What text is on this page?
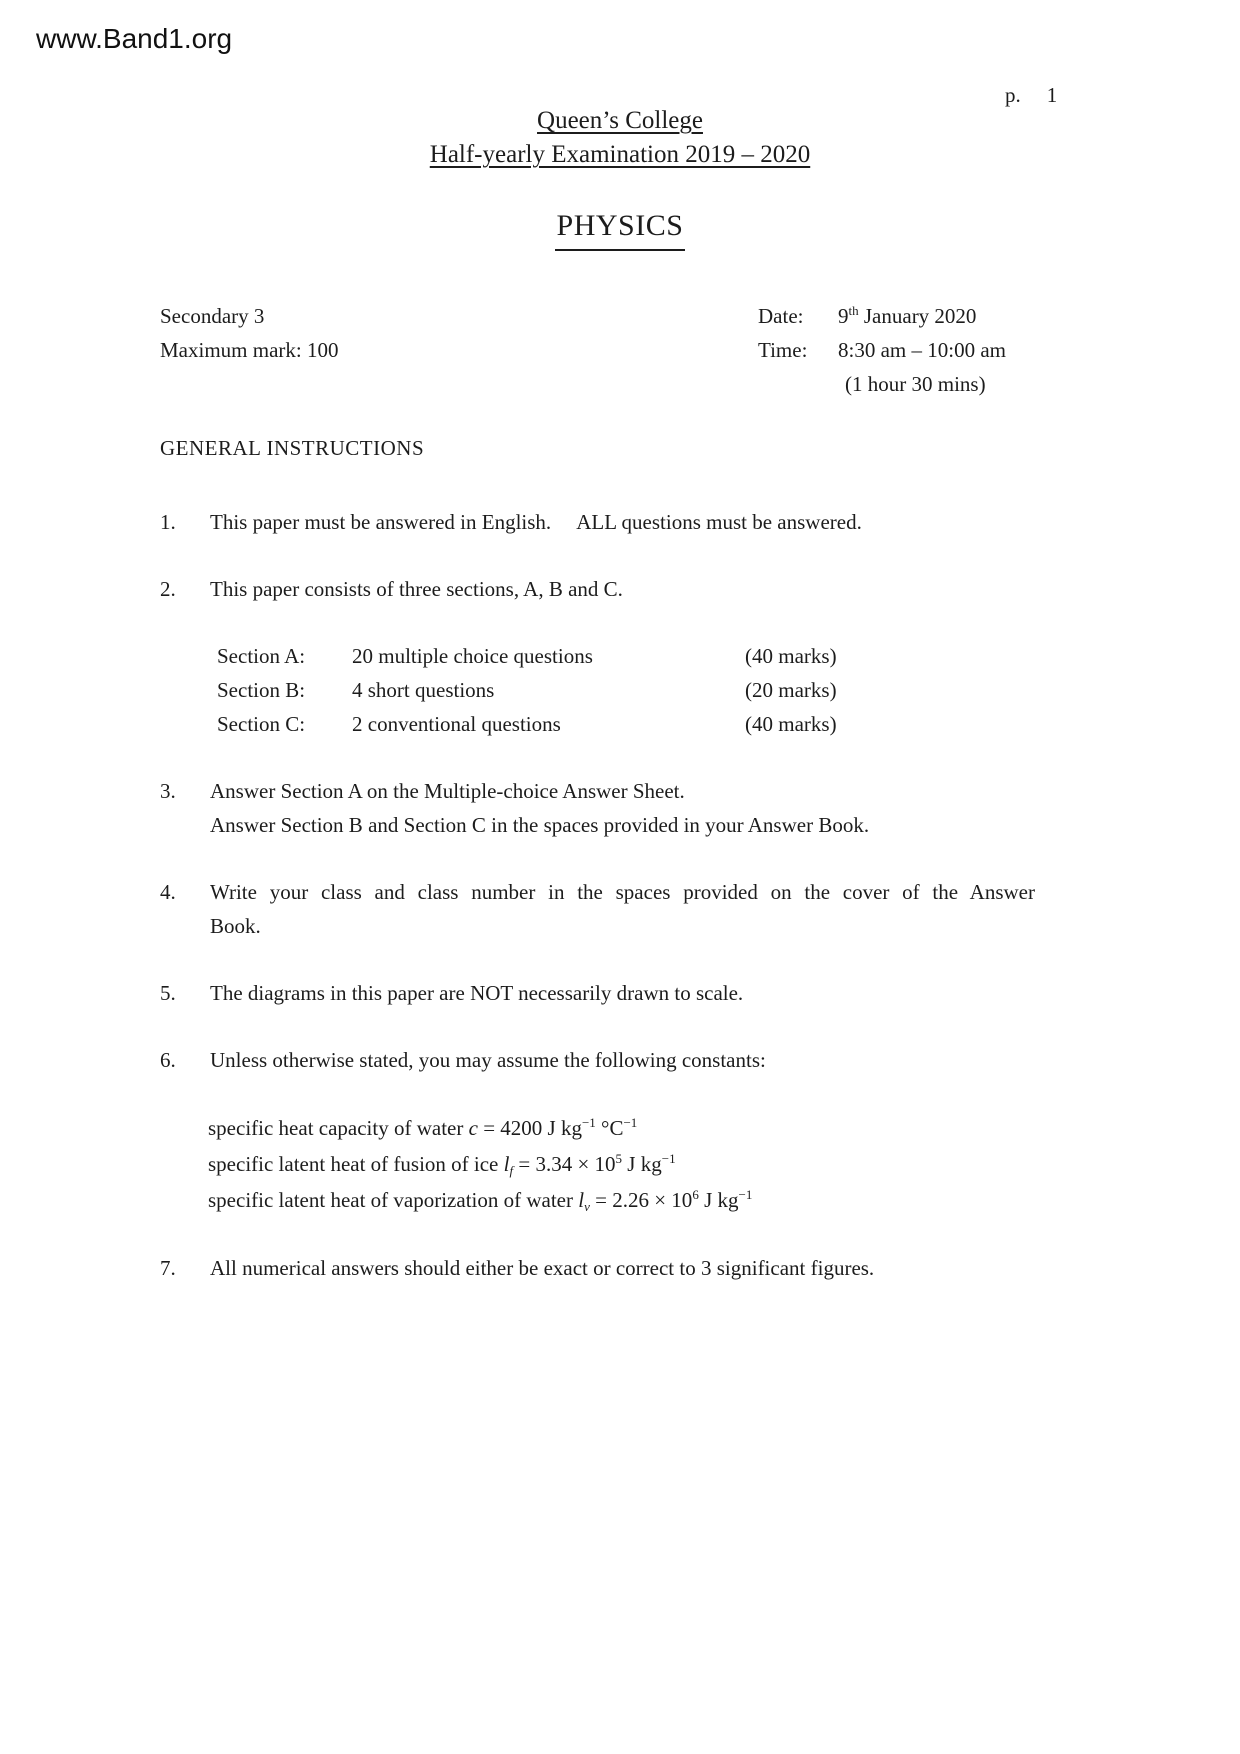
www.Band1.org
p. 1
Queen’s College
Half-yearly Examination 2019 – 2020
PHYSICS
Secondary 3	Date: 9th January 2020
Maximum mark: 100	Time: 8:30 am – 10:00 am
(1 hour 30 mins)
GENERAL INSTRUCTIONS
1. This paper must be answered in English.     ALL questions must be answered.
2. This paper consists of three sections, A, B and C.
Section A: 20 multiple choice questions	(40 marks)
Section B: 4 short questions	(20 marks)
Section C: 2 conventional questions	(40 marks)
3. Answer Section A on the Multiple-choice Answer Sheet.
Answer Section B and Section C in the spaces provided in your Answer Book.
4. Write your class and class number in the spaces provided on the cover of the Answer
Book.
5. The diagrams in this paper are NOT necessarily drawn to scale.
6. Unless otherwise stated, you may assume the following constants:
specific heat capacity of water c = 4200 J $kg^{-1}$ $^\circ C^{-1}$
specific latent heat of fusion of ice $l_f = 3.34 \times 10^5$ J $kg^{-1}$
specific latent heat of vaporization of water $l_v = 2.26 \times 10^6$ J $kg^{-1}$
7. All numerical answers should either be exact or correct to 3 significant figures.
